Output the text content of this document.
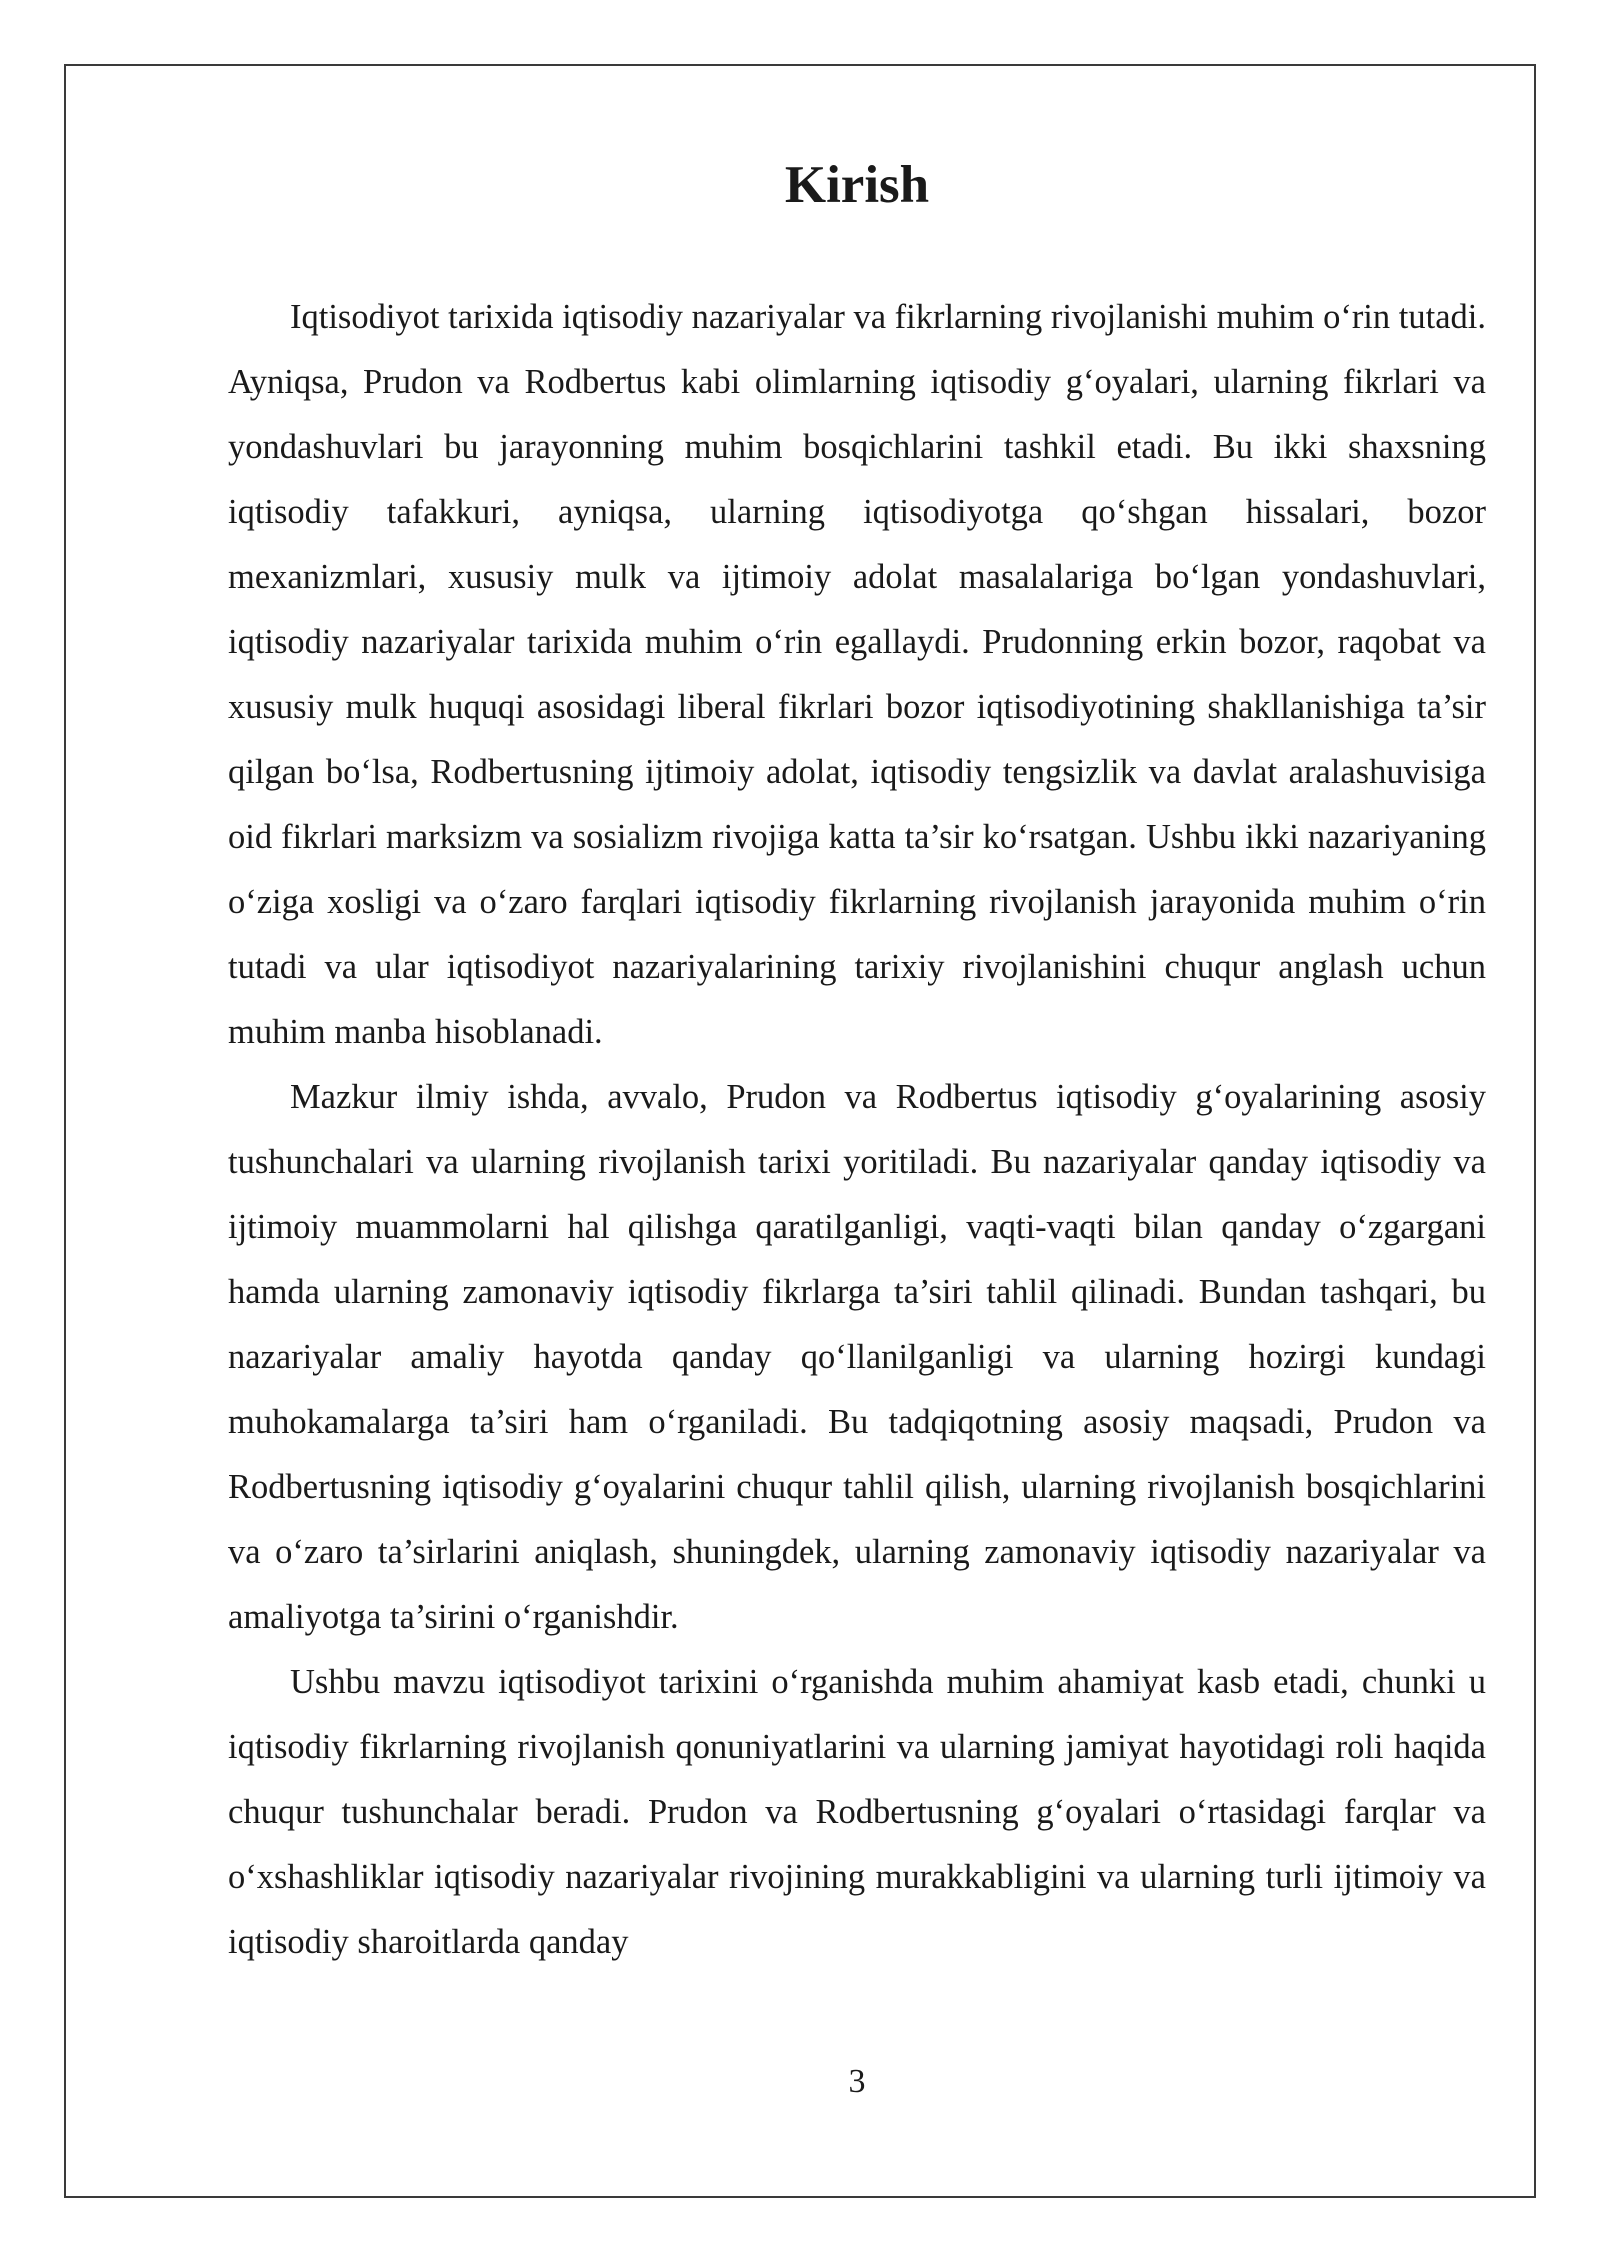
Kirish

Iqtisodiyot tarixida iqtisodiy nazariyalar va fikrlarning rivojlanishi muhim o‘rin tutadi. Ayniqsa, Prudon va Rodbertus kabi olimlarning iqtisodiy g‘oyalari, ularning fikrlari va yondashuvlari bu jarayonning muhim bosqichlarini tashkil etadi. Bu ikki shaxsning iqtisodiy tafakkuri, ayniqsa, ularning iqtisodiyotga qo‘shgan hissalari, bozor mexanizmlari, xususiy mulk va ijtimoiy adolat masalalariga bo‘lgan yondashuvlari, iqtisodiy nazariyalar tarixida muhim o‘rin egallaydi. Prudonning erkin bozor, raqobat va xususiy mulk huquqi asosidagi liberal fikrlari bozor iqtisodiyotining shakllanishiga ta’sir qilgan bo‘lsa, Rodbertusning ijtimoiy adolat, iqtisodiy tengsizlik va davlat aralashuvisiga oid fikrlari marksizm va sosializm rivojiga katta ta’sir ko‘rsatgan. Ushbu ikki nazariyaning o‘ziga xosligi va o‘zaro farqlari iqtisodiy fikrlarning rivojlanish jarayonida muhim o‘rin tutadi va ular iqtisodiyot nazariyalarining tarixiy rivojlanishini chuqur anglash uchun muhim manba hisoblanadi.

Mazkur ilmiy ishda, avvalo, Prudon va Rodbertus iqtisodiy g‘oyalarining asosiy tushunchalari va ularning rivojlanish tarixi yoritiladi. Bu nazariyalar qanday iqtisodiy va ijtimoiy muammolarni hal qilishga qaratilganligi, vaqti-vaqti bilan qanday o‘zgargani hamda ularning zamonaviy iqtisodiy fikrlarga ta’siri tahlil qilinadi. Bundan tashqari, bu nazariyalar amaliy hayotda qanday qo‘llanilganligi va ularning hozirgi kundagi muhokamalarga ta’siri ham o‘rganiladi. Bu tadqiqotning asosiy maqsadi, Prudon va Rodbertusning iqtisodiy g‘oyalarini chuqur tahlil qilish, ularning rivojlanish bosqichlarini va o‘zaro ta’sirlarini aniqlash, shuningdek, ularning zamonaviy iqtisodiy nazariyalar va amaliyotga ta’sirini o‘rganishdir.

Ushbu mavzu iqtisodiyot tarixini o‘rganishda muhim ahamiyat kasb etadi, chunki u iqtisodiy fikrlarning rivojlanish qonuniyatlarini va ularning jamiyat hayotidagi roli haqida chuqur tushunchalar beradi. Prudon va Rodbertusning g‘oyalari o‘rtasidagi farqlar va o‘xshashliklar iqtisodiy nazariyalar rivojining murakkabligini va ularning turli ijtimoiy va iqtisodiy sharoitlarda qanday

3
